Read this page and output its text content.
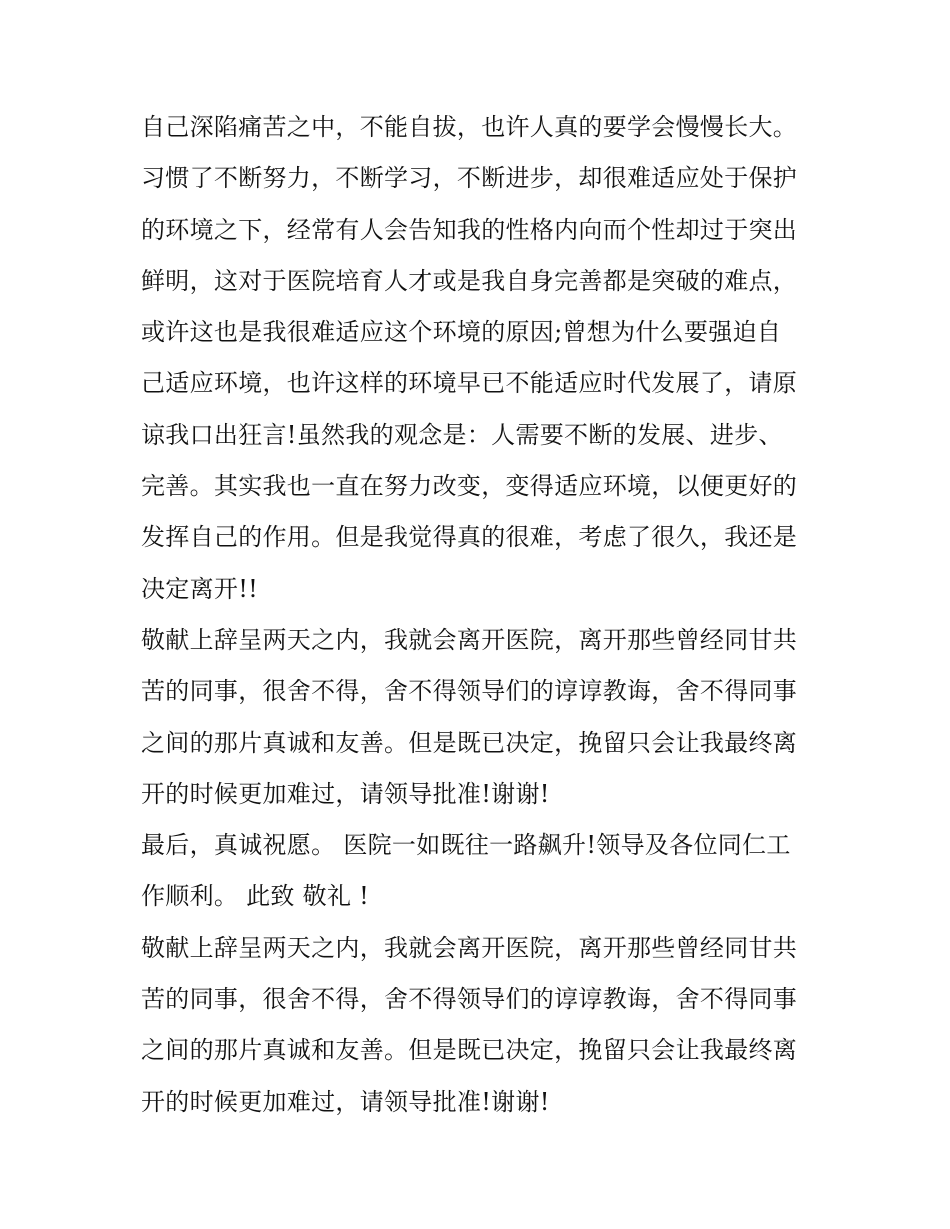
自己深陷痛苦之中，不能自拔，也许人真的要学会慢慢长大。
习惯了不断努力，不断学习，不断进步，却很难适应处于保护
的环境之下，经常有人会告知我的性格内向而个性却过于突出
鲜明，这对于医院培育人才或是我自身完善都是突破的难点，
或许这也是我很难适应这个环境的原因;曾想为什么要强迫自
己适应环境，也许这样的环境早已不能适应时代发展了，请原
谅我口出狂言!虽然我的观念是：人需要不断的发展、进步、
完善。其实我也一直在努力改变，变得适应环境，以便更好的
发挥自己的作用。但是我觉得真的很难，考虑了很久，我还是
决定离开!!
敬献上辞呈两天之内，我就会离开医院，离开那些曾经同甘共
苦的同事，很舍不得，舍不得领导们的谆谆教诲，舍不得同事
之间的那片真诚和友善。但是既已决定，挽留只会让我最终离
开的时候更加难过，请领导批准!谢谢!
最后，真诚祝愿。 医院一如既往一路飙升!领导及各位同仁工
作顺利。 此致 敬礼 !
敬献上辞呈两天之内，我就会离开医院，离开那些曾经同甘共
苦的同事，很舍不得，舍不得领导们的谆谆教诲，舍不得同事
之间的那片真诚和友善。但是既已决定，挽留只会让我最终离
开的时候更加难过，请领导批准!谢谢!
